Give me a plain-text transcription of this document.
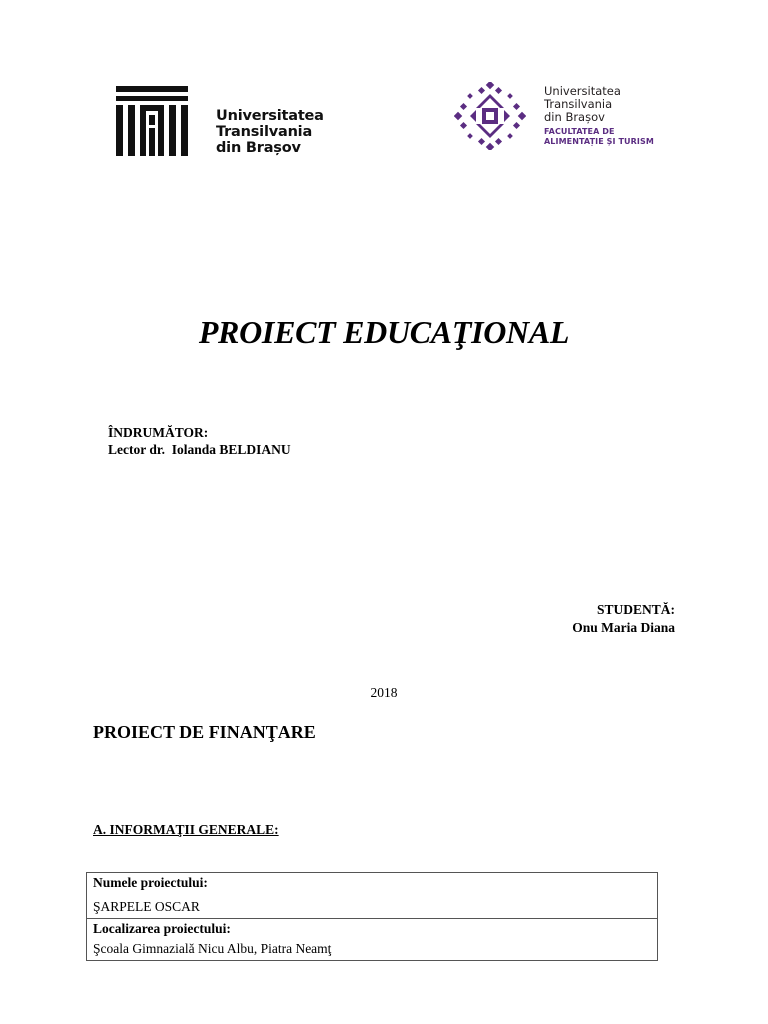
Universitatea
Transilvania
din Brașov
Universitatea
Transilvania
din Brașov
FACULTATEA DE
ALIMENTAȚIE ȘI TURISM
PROIECT EDUCAŢIONAL
ÎNDRUMĂTOR:
Lector dr.  Iolanda BELDIANU
STUDENTĂ:
Onu Maria Diana
2018
PROIECT DE FINANŢARE
A. INFORMAŢII GENERALE:
Numele proiectului:
ŞARPELE OSCAR

Localizarea proiectului:
Şcoala Gimnazială Nicu Albu, Piatra Neamţ
